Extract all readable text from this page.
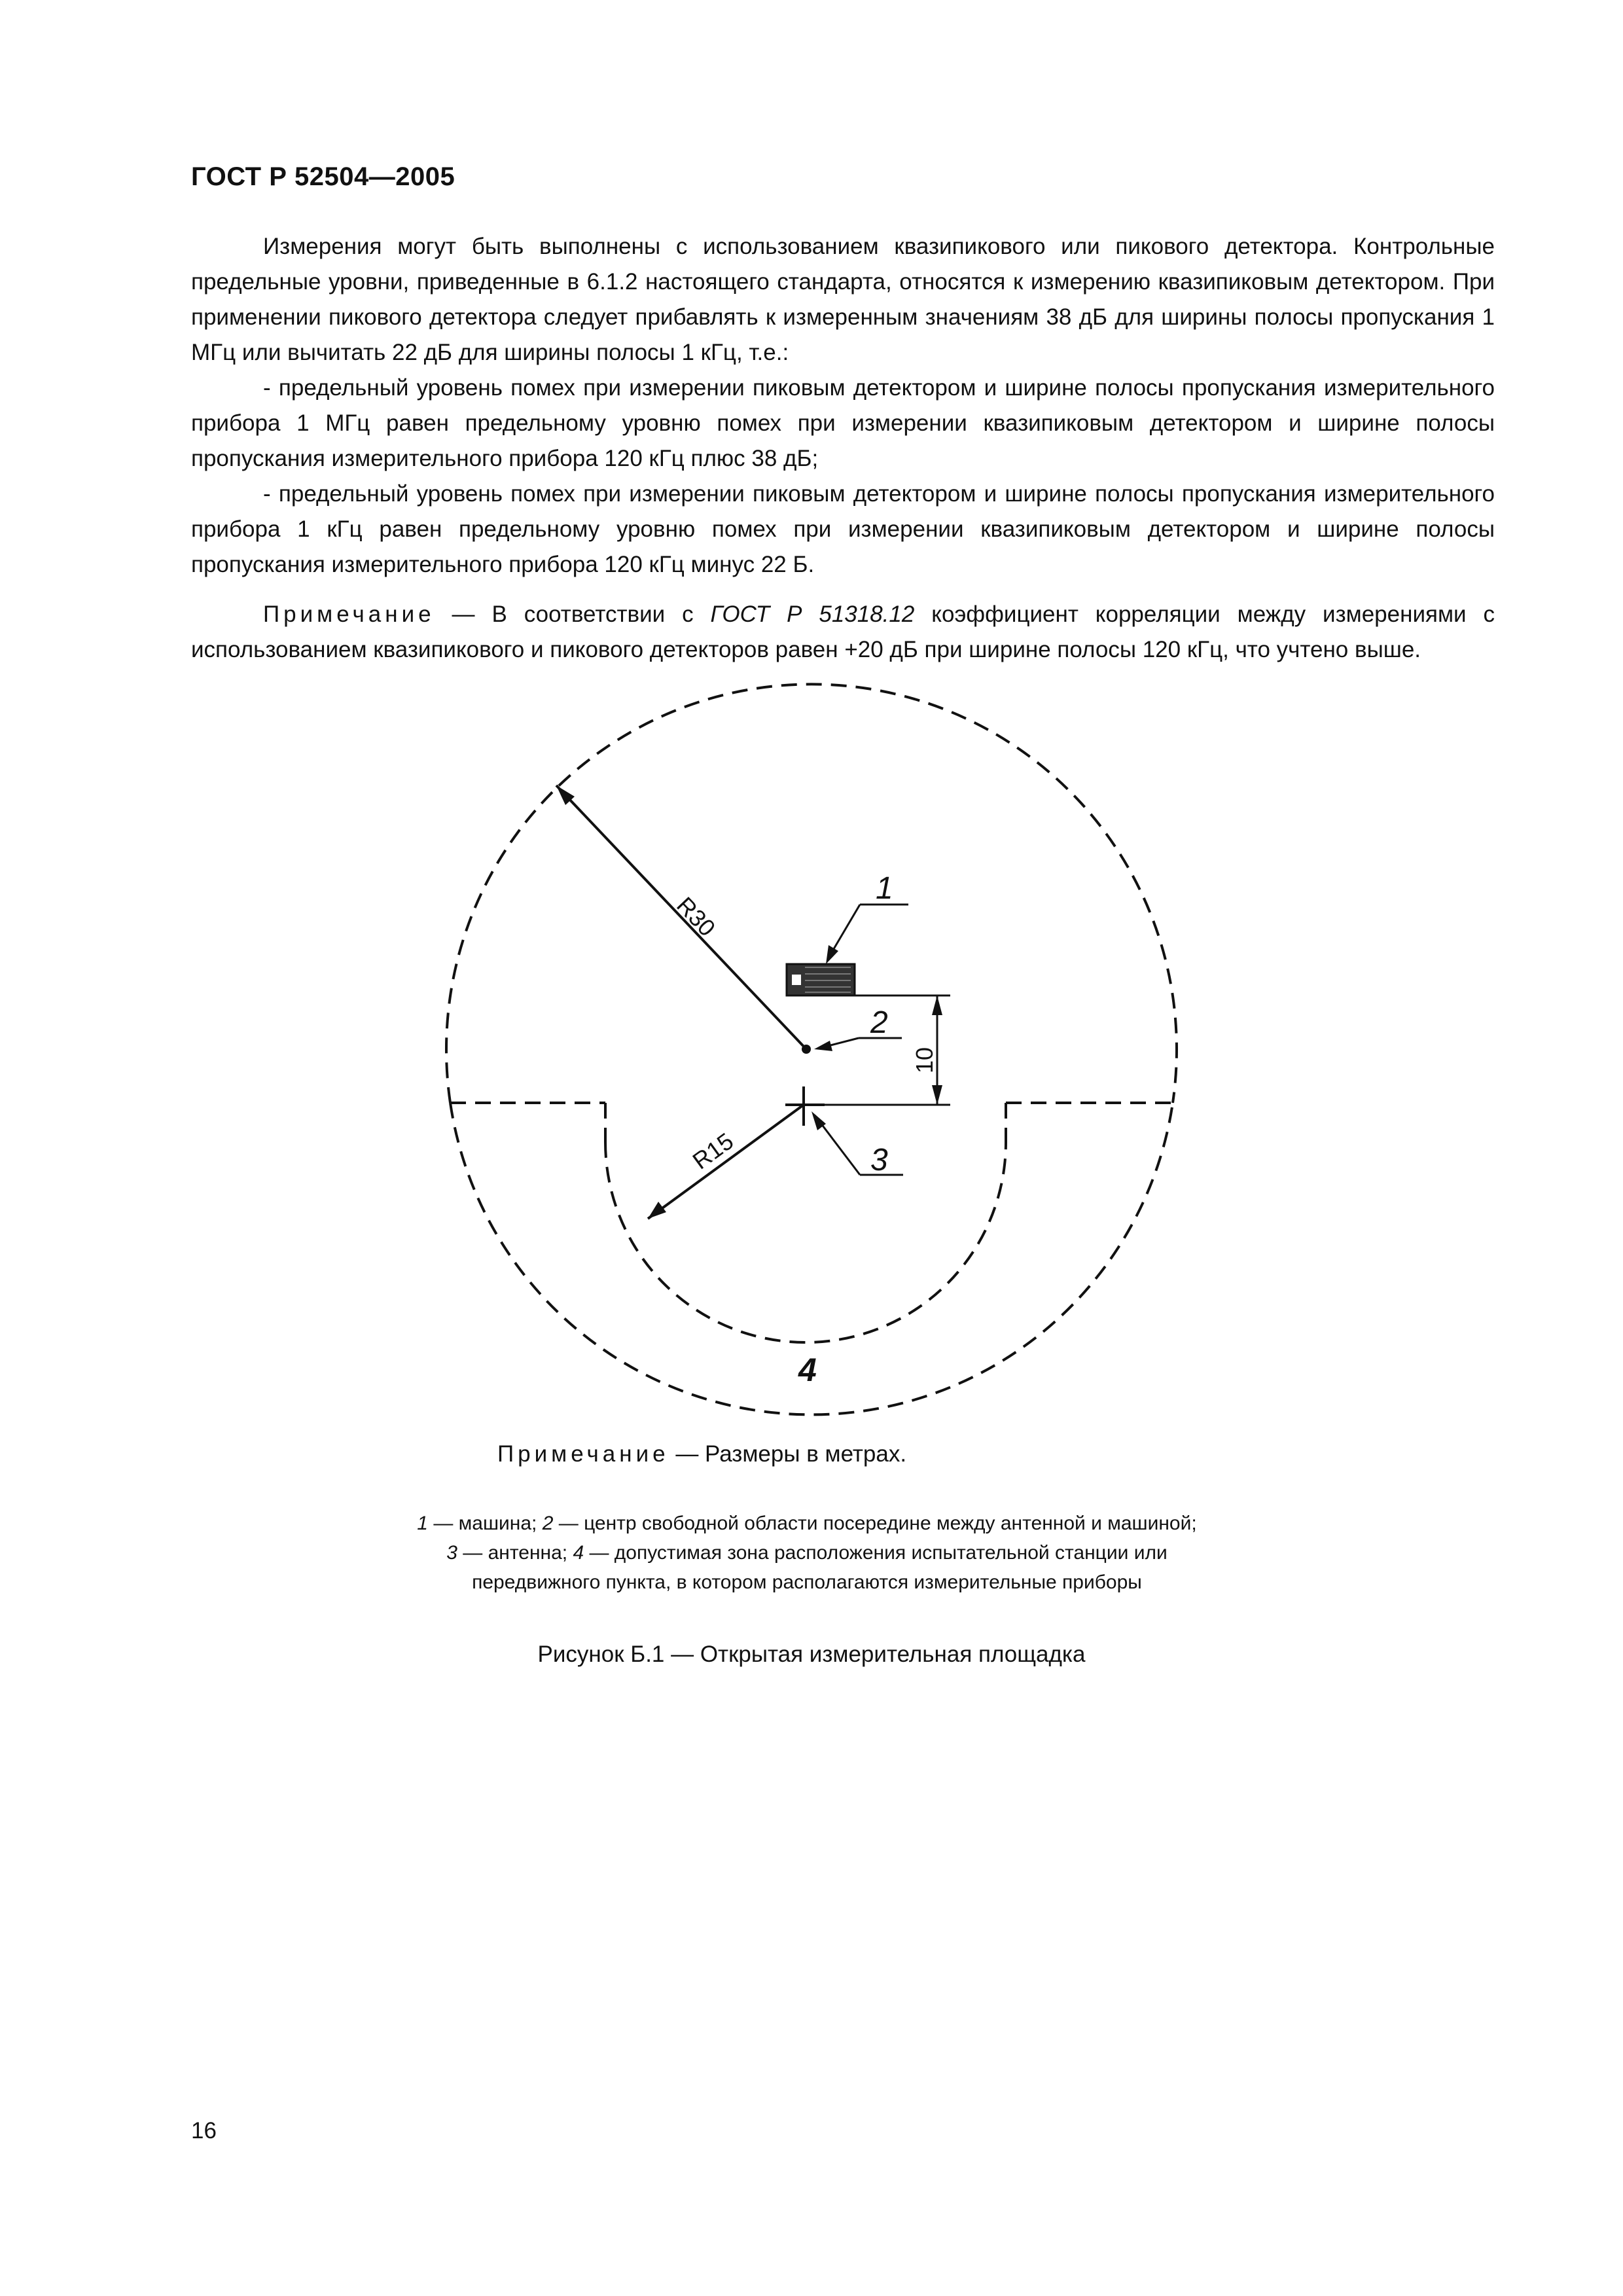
ГОСТ Р 52504—2005

Измерения могут быть выполнены с использованием квазипикового или пикового детектора. Контрольные предельные уровни, приведенные в 6.1.2 настоящего стандарта, относятся к измерению квазипиковым детектором. При применении пикового детектора следует прибавлять к измеренным значениям 38 дБ для ширины полосы пропускания 1 МГц или вычитать 22 дБ для ширины полосы 1 кГц, т.е.:

- предельный уровень помех при измерении пиковым детектором и ширине полосы пропускания измерительного прибора 1 МГц равен предельному уровню помех при измерении квазипиковым детектором и ширине полосы пропускания измерительного прибора 120 кГц плюс 38 дБ;

- предельный уровень помех при измерении пиковым детектором и ширине полосы пропускания измерительного прибора 1 кГц равен предельному уровню помех при измерении квазипиковым детектором и ширине полосы пропускания измерительного прибора 120 кГц минус 22 Б.

Примечание — В соответствии с ГОСТ Р 51318.12 коэффициент корреляции между измерениями с использованием квазипикового и пикового детекторов равен +20 дБ при ширине полосы 120 кГц, что учтено выше.

R30
R15
10
1
2
3
4
Примечание — Размеры в метрах.
1 — машина; 2 — центр свободной области посередине между антенной и машиной; 3 — антенна; 4 — допустимая зона расположения испытательной станции или передвижного пункта, в котором располагаются измерительные приборы
Рисунок Б.1 — Открытая измерительная площадка
16
